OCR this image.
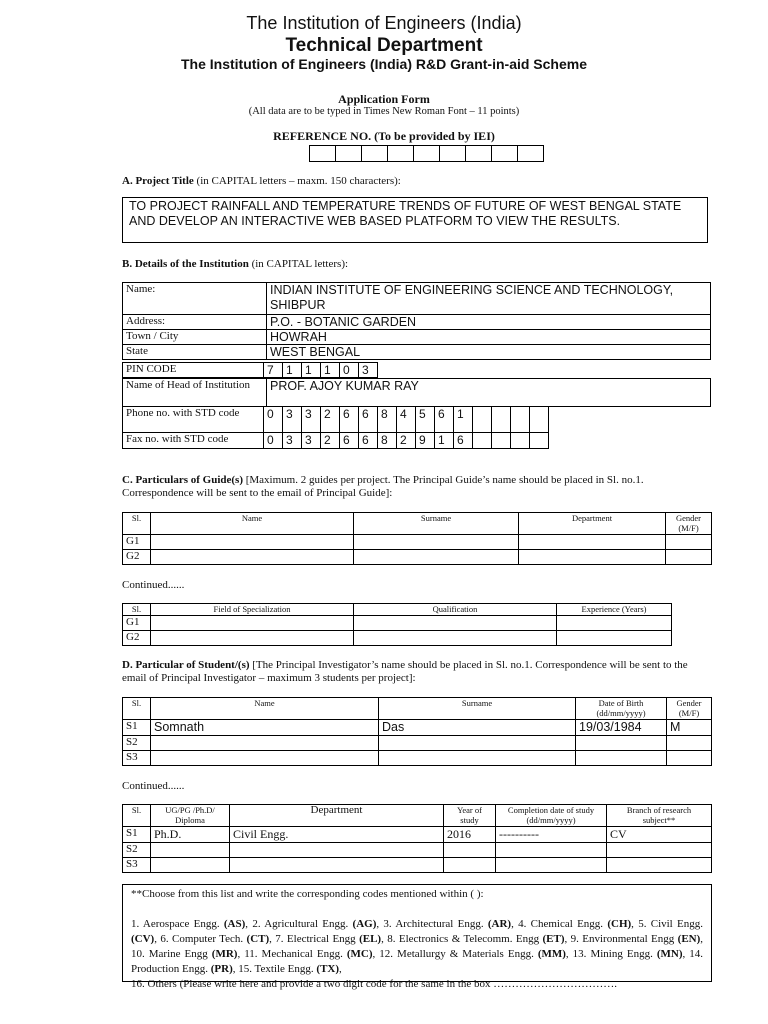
The Institution of Engineers (India)
Technical Department
The Institution of Engineers (India) R&D Grant-in-aid Scheme
Application Form
(All data are to be typed in Times New Roman Font – 11 points)
REFERENCE NO. (To be provided by IEI)

A. Project Title (in CAPITAL letters – maxm. 150 characters):
TO PROJECT RAINFALL AND TEMPERATURE TRENDS OF FUTURE OF WEST BENGAL STATE AND DEVELOP AN INTERACTIVE WEB BASED PLATFORM TO VIEW THE RESULTS.
B. Details of the Institution (in CAPITAL letters):
Name:	INDIAN INSTITUTE OF ENGINEERING SCIENCE AND TECHNOLOGY, SHIBPUR
Address:	P.O. - BOTANIC GARDEN
Town / City	HOWRAH
State	WEST BENGAL
PIN CODE	7	1	1	1	0	3
Name of Head of Institution	PROF. AJOY KUMAR RAY
Phone no. with STD code	0	3	3	2	6	6	8	4	5	6	1				
Fax no. with STD code	0	3	3	2	6	6	8	2	9	1	6				
C. Particulars of Guide(s) [Maximum. 2 guides per project. The Principal Guide’s name should be placed in Sl. no.1. Correspondence will be sent to the email of Principal Guide]:
Sl.	Name	Surname	Department	Gender (M/F)
G1				
G2				
Continued......
Sl.	Field of Specialization	Qualification	Experience (Years)
G1			
G2			
D. Particular of Student/(s) [The Principal Investigator’s name should be placed in Sl. no.1. Correspondence will be sent to the email of Principal Investigator – maximum 3 students per project]:
Sl.	Name	Surname	Date of Birth (dd/mm/yyyy)	Gender (M/F)
S1	Somnath	Das	19/03/1984	M
S2				
S3				
Continued......
Sl.	UG/PG /Ph.D/ Diploma	Department	Year of study	Completion date of study (dd/mm/yyyy)	Branch of research subject**
S1	Ph.D.	Civil Engg.	2016	----------	CV
S2					
S3					
**Choose from this list and write the corresponding codes mentioned within ( ):

1. Aerospace Engg. (AS), 2. Agricultural Engg. (AG), 3. Architectural Engg. (AR), 4. Chemical Engg. (CH), 5. Civil Engg. (CV), 6. Computer Tech. (CT), 7. Electrical Engg (EL), 8. Electronics & Telecomm. Engg (ET), 9. Environmental Engg (EN), 10. Marine Engg (MR), 11. Mechanical Engg. (MC), 12. Metallurgy & Materials Engg. (MM), 13. Mining Engg. (MN), 14. Production Engg. (PR), 15. Textile Engg. (TX),
16. Others (Please write here and provide a two digit code for the same in the box …………………………….
